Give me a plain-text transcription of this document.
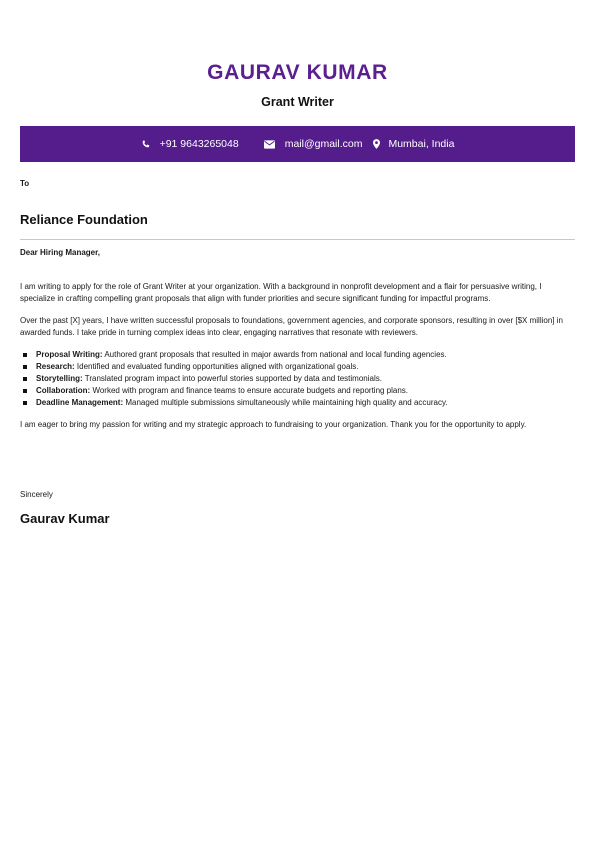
GAURAV KUMAR
Grant Writer
+91 9643265048	mail@gmail.com Mumbai, India
To
Reliance Foundation
Dear Hiring Manager,

I am writing to apply for the role of Grant Writer at your organization. With a background in nonprofit development and a flair for persuasive writing, I specialize in crafting compelling grant proposals that align with funder priorities and secure significant funding for impactful programs.

Over the past [X] years, I have written successful proposals to foundations, government agencies, and corporate sponsors, resulting in over [$X million] in awarded funds. I take pride in turning complex ideas into clear, engaging narratives that resonate with reviewers.

Proposal Writing: Authored grant proposals that resulted in major awards from national and local funding agencies.
Research: Identified and evaluated funding opportunities aligned with organizational goals.
Storytelling: Translated program impact into powerful stories supported by data and testimonials.
Collaboration: Worked with program and finance teams to ensure accurate budgets and reporting plans.
Deadline Management: Managed multiple submissions simultaneously while maintaining high quality and accuracy.

I am eager to bring my passion for writing and my strategic approach to fundraising to your organization. Thank you for the opportunity to apply.

Sincerely
Gaurav Kumar
